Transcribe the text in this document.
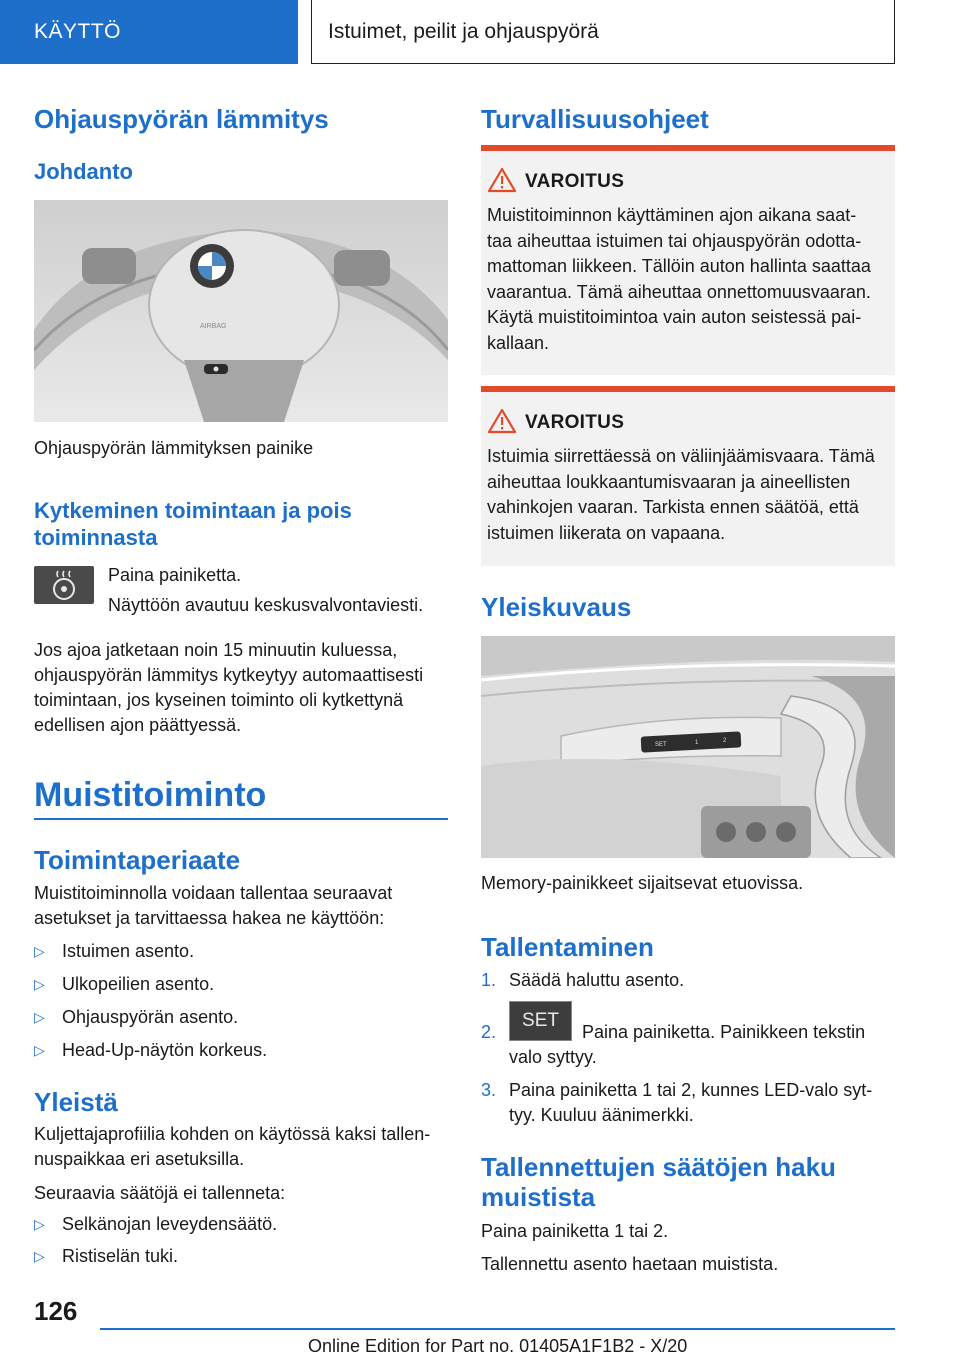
KÄYTTÖ	Istuimet, peilit ja ohjauspyörä
Ohjauspyörän lämmitys
Johdanto
AIRBAG
Ohjauspyörän lämmityksen painike
Kytkeminen toimintaan ja pois
toiminnasta
Paina painiketta.
Näyttöön avautuu keskusvalvontaviesti.
Jos ajoa jatketaan noin 15 minuutin kuluessa,
ohjauspyörän lämmitys kytkeytyy automaattisesti
toimintaan, jos kyseinen toiminto oli kytkettynä
edellisen ajon päättyessä.
Muistitoiminto
Toimintaperiaate
Muistitoiminnolla voidaan tallentaa seuraavat
asetukset ja tarvittaessa hakea ne käyttöön:
▷ Istuimen asento.
▷ Ulkopeilien asento.
▷ Ohjauspyörän asento.
▷ Head-Up-näytön korkeus.
Yleistä
Kuljettajaprofiilia kohden on käytössä kaksi tallen-
nuspaikkaa eri asetuksilla.
Seuraavia säätöjä ei tallenneta:
▷ Selkänojan leveydensäätö.
▷ Ristiselän tuki.
Turvallisuusohjeet
VAROITUS
Muistitoiminnon käyttäminen ajon aikana saat-
taa aiheuttaa istuimen tai ohjauspyörän odotta-
mattoman liikkeen. Tällöin auton hallinta saattaa
vaarantua. Tämä aiheuttaa onnettomuusvaaran.
Käytä muistitoimintoa vain auton seistessä pai-
kallaan.
VAROITUS
Istuimia siirrettäessä on väliinjäämisvaara. Tämä
aiheuttaa loukkaantumisvaaran ja aineellisten
vahinkojen vaaran. Tarkista ennen säätöä, että
istuimen liikerata on vapaana.
Yleiskuvaus
SET	1	2
Memory-painikkeet sijaitsevat etuovissa.
Tallentaminen
1. Säädä haluttu asento.
2.
SET
Paina painiketta. Painikkeen tekstin
valo syttyy.
3. Paina painiketta 1 tai 2, kunnes LED-valo syt-
tyy. Kuuluu äänimerkki.
Tallennettujen säätöjen haku
muistista
Paina painiketta 1 tai 2.
Tallennettu asento haetaan muistista.
126
Online Edition for Part no. 01405A1F1B2 - X/20
